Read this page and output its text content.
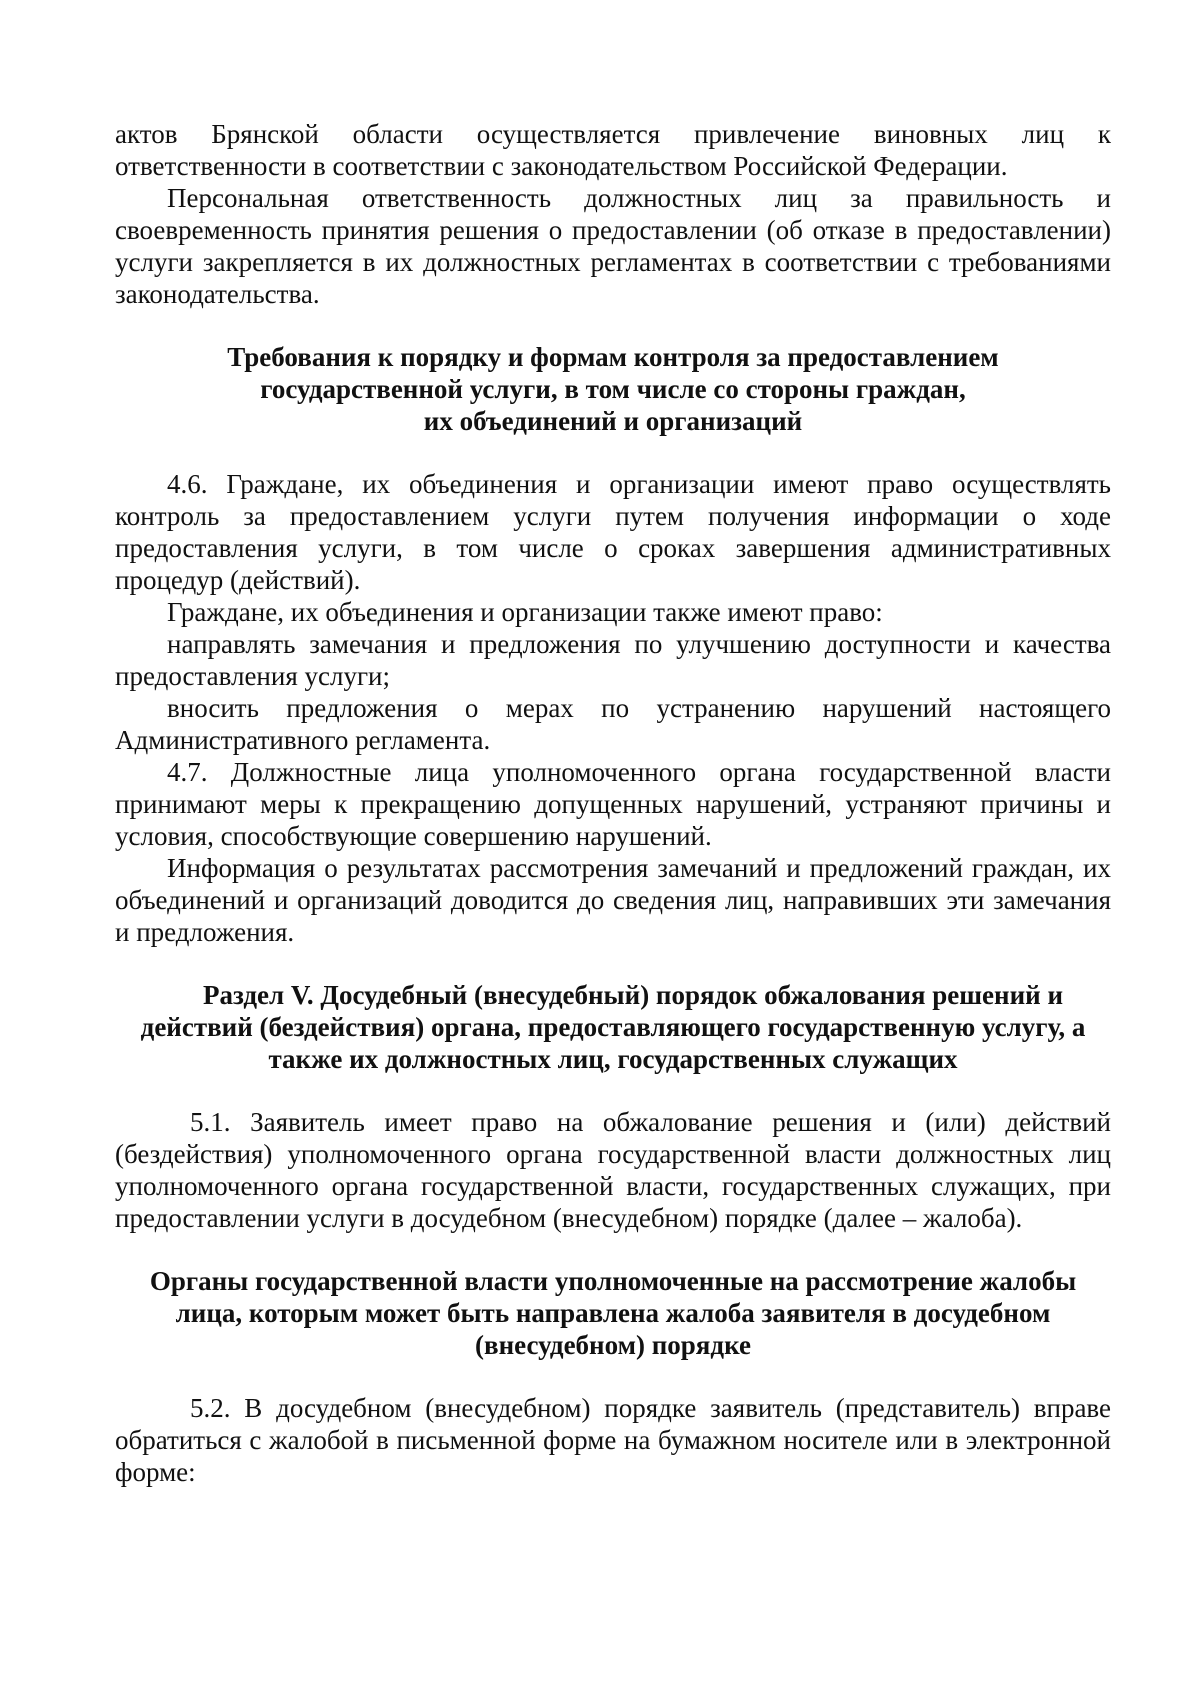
актов Брянской области осуществляется привлечение виновных лиц к ответственности в соответствии с законодательством Российской Федерации.

Персональная ответственность должностных лиц за правильность и своевременность принятия решения о предоставлении (об отказе в предоставлении) услуги закрепляется в их должностных регламентах в соответствии с требованиями законодательства.

Требования к порядку и формам контроля за предоставлением

государственной услуги, в том числе со стороны граждан,

их объединений и организаций

4.6. Граждане, их объединения и организации имеют право осуществлять контроль за предоставлением услуги путем получения информации о ходе предоставления услуги, в том числе о сроках завершения административных процедур (действий).

Граждане, их объединения и организации также имеют право:

направлять замечания и предложения по улучшению доступности и качества предоставления услуги;

вносить предложения о мерах по устранению нарушений настоящего Административного регламента.

4.7. Должностные лица уполномоченного органа государственной власти принимают меры к прекращению допущенных нарушений, устраняют причины и условия, способствующие совершению нарушений.

Информация о результатах рассмотрения замечаний и предложений граждан, их объединений и организаций доводится до сведения лиц, направивших эти замечания и предложения.

Раздел V. Досудебный (внесудебный) порядок обжалования решений и

действий (бездействия) органа, предоставляющего государственную услугу, а

также их должностных лиц, государственных служащих

5.1. Заявитель имеет право на обжалование решения и (или) действий (бездействия) уполномоченного органа государственной власти должностных лиц уполномоченного органа государственной власти, государственных служащих, при предоставлении услуги в досудебном (внесудебном) порядке (далее – жалоба).

Органы государственной власти уполномоченные на рассмотрение жалобы

лица, которым может быть направлена жалоба заявителя в досудебном

(внесудебном) порядке

5.2. В досудебном (внесудебном) порядке заявитель (представитель) вправе обратиться с жалобой в письменной форме на бумажном носителе или в электронной форме:
